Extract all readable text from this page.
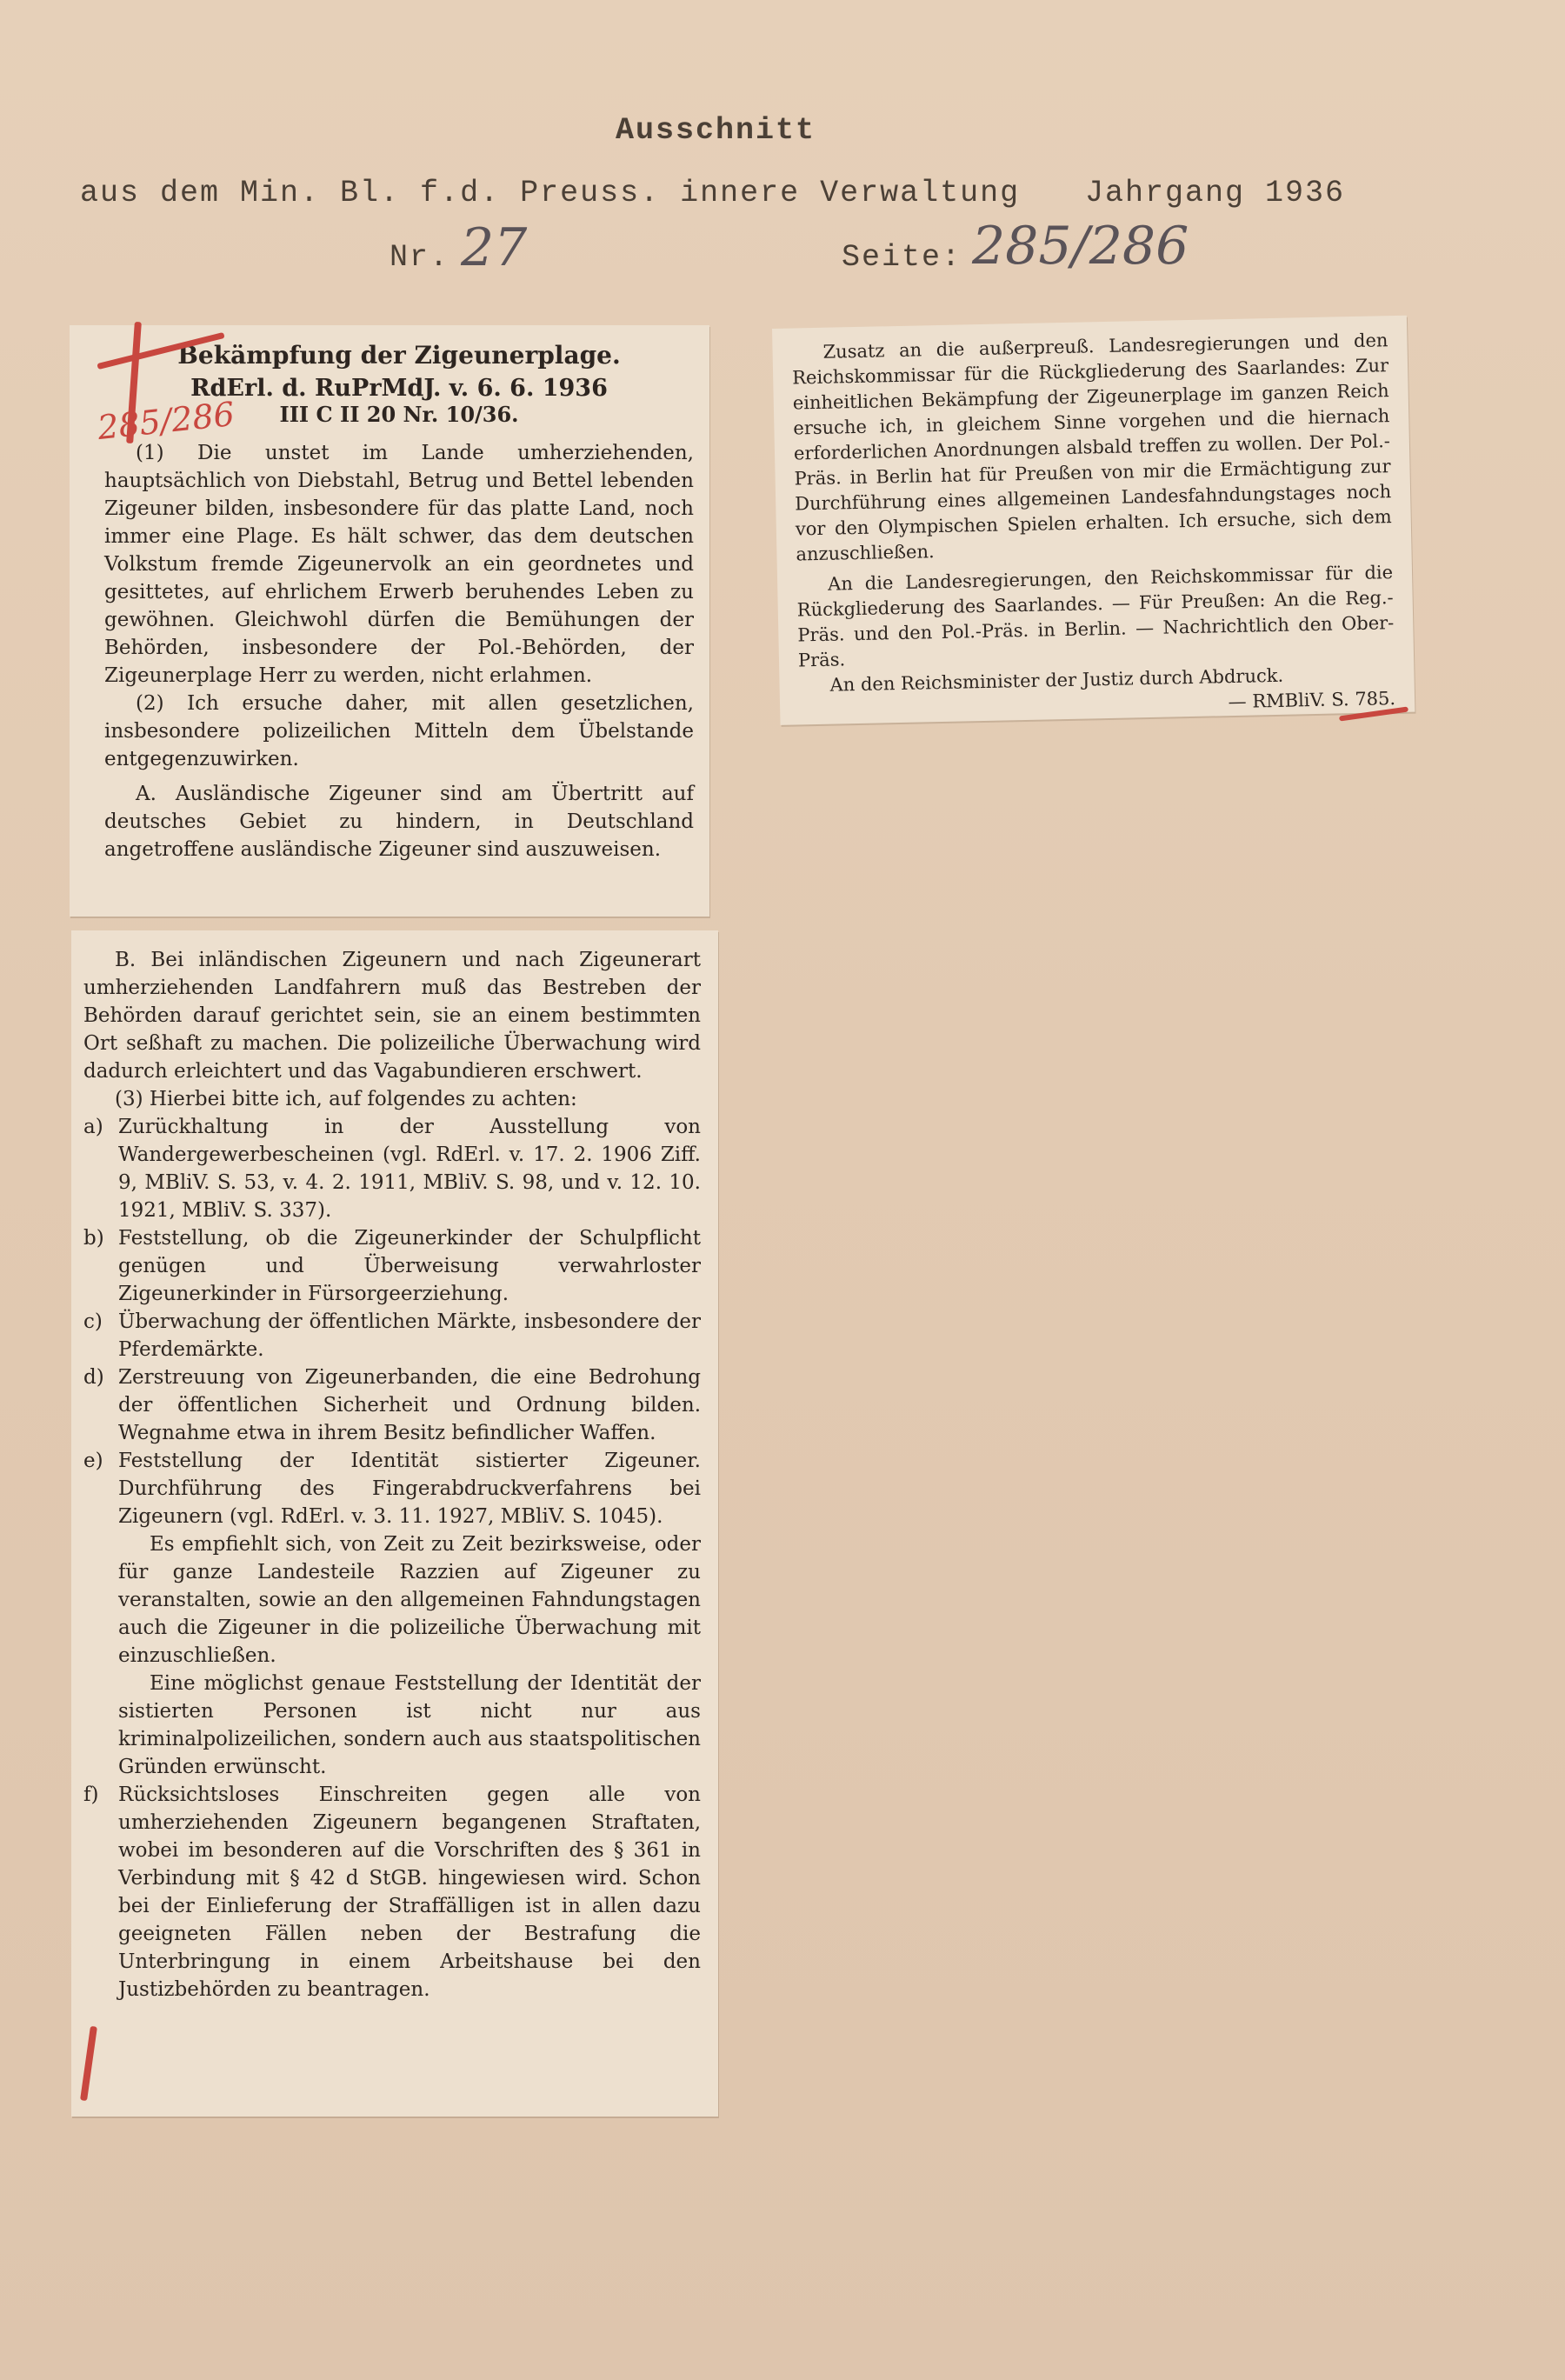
Ausschnitt
aus dem Min. Bl. f.d. Preuss. innere Verwaltung Jahrgang 1936
Nr. 27	Seite: 285/286

Bekämpfung der Zigeunerplage.

RdErl. d. RuPrMdJ. v. 6. 6. 1936

III C II 20 Nr. 10/36.

(1) Die unstet im Lande umherziehenden, hauptsächlich von Diebstahl, Betrug und Bettel lebenden Zigeuner bilden, insbesondere für das platte Land, noch immer eine Plage. Es hält schwer, das dem deutschen Volkstum fremde Zigeunervolk an ein geordnetes und gesittetes, auf ehrlichem Erwerb beruhendes Leben zu gewöhnen. Gleichwohl dürfen die Bemühungen der Behörden, insbesondere der Pol.-Behörden, der Zigeunerplage Herr zu werden, nicht erlahmen.

(2) Ich ersuche daher, mit allen gesetzlichen, insbesondere polizeilichen Mitteln dem Übelstande entgegenzuwirken.

A. Ausländische Zigeuner sind am Übertritt auf deutsches Gebiet zu hindern, in Deutschland angetroffene ausländische Zigeuner sind auszuweisen.

B. Bei inländischen Zigeunern und nach Zigeunerart umherziehenden Landfahrern muß das Bestreben der Behörden darauf gerichtet sein, sie an einem bestimmten Ort seßhaft zu machen. Die polizeiliche Überwachung wird dadurch erleichtert und das Vagabundieren erschwert.

(3) Hierbei bitte ich, auf folgendes zu achten:

a) Zurückhaltung in der Ausstellung von Wandergewerbescheinen (vgl. RdErl. v. 17. 2. 1906 Ziff. 9, MBliV. S. 53, v. 4. 2. 1911, MBliV. S. 98, und v. 12. 10. 1921, MBliV. S. 337).
b) Feststellung, ob die Zigeunerkinder der Schulpflicht genügen und Überweisung verwahrloster Zigeunerkinder in Fürsorgeerziehung.
c) Überwachung der öffentlichen Märkte, insbesondere der Pferdemärkte.
d) Zerstreuung von Zigeunerbanden, die eine Bedrohung der öffentlichen Sicherheit und Ordnung bilden. Wegnahme etwa in ihrem Besitz befindlicher Waffen.
e) Feststellung der Identität sistierter Zigeuner. Durchführung des Fingerabdruckverfahrens bei Zigeunern (vgl. RdErl. v. 3. 11. 1927, MBliV. S. 1045).

Es empfiehlt sich, von Zeit zu Zeit bezirksweise, oder für ganze Landesteile Razzien auf Zigeuner zu veranstalten, sowie an den allgemeinen Fahndungstagen auch die Zigeuner in die polizeiliche Überwachung mit einzuschließen.

Eine möglichst genaue Feststellung der Identität der sistierten Personen ist nicht nur aus kriminalpolizeilichen, sondern auch aus staatspolitischen Gründen erwünscht.

f) Rücksichtsloses Einschreiten gegen alle von umherziehenden Zigeunern begangenen Straftaten, wobei im besonderen auf die Vorschriften des § 361 in Verbindung mit § 42 d StGB. hingewiesen wird. Schon bei der Einlieferung der Straffälligen ist in allen dazu geeigneten Fällen neben der Bestrafung die Unterbringung in einem Arbeitshause bei den Justizbehörden zu beantragen.

Zusatz an die außerpreuß. Landesregierungen und den Reichskommissar für die Rückgliederung des Saarlandes: Zur einheitlichen Bekämpfung der Zigeunerplage im ganzen Reich ersuche ich, in gleichem Sinne vorgehen und die hiernach erforderlichen Anordnungen alsbald treffen zu wollen. Der Pol.-Präs. in Berlin hat für Preußen von mir die Ermächtigung zur Durchführung eines allgemeinen Landesfahndungstages noch vor den Olympischen Spielen erhalten. Ich ersuche, sich dem anzuschließen.

An die Landesregierungen, den Reichskommissar für die Rückgliederung des Saarlandes. — Für Preußen: An die Reg.-Präs. und den Pol.-Präs. in Berlin. — Nachrichtlich den Ober-Präs.

An den Reichsminister der Justiz durch Abdruck.

— RMBliV. S. 785.

285/286
